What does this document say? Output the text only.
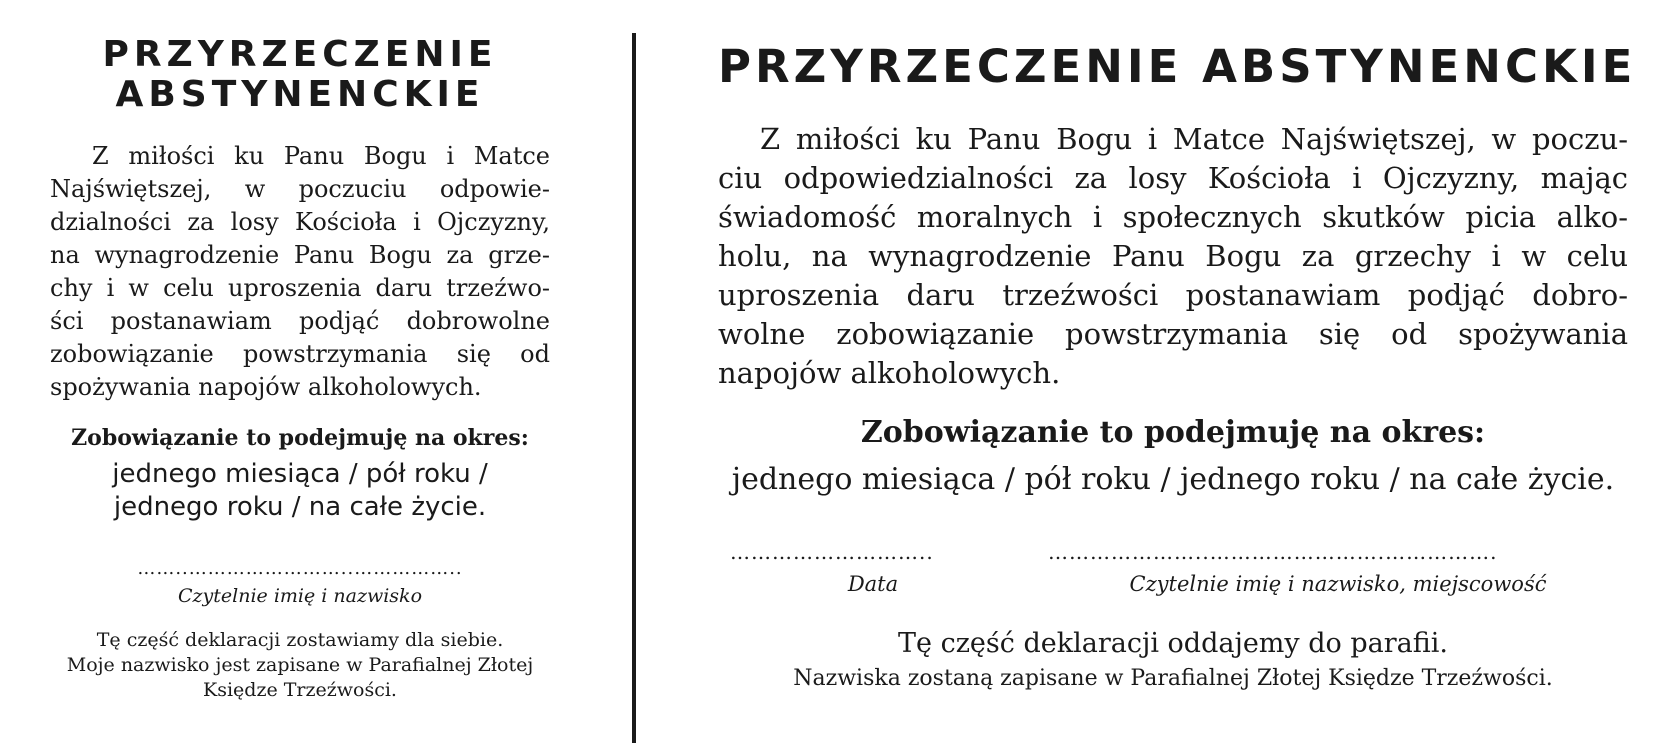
PRZYRZECZENIE
ABSTYNENCKIE

Z miłości ku Panu Bogu i Matce
Najświętszej, w poczuciu odpowie-
dzialności za losy Kościoła i Ojczyzny,
na wynagrodzenie Panu Bogu za grze-
chy i w celu uproszenia daru trzeźwo-
ści postanawiam podjąć dobrowolne
zobowiązanie powstrzymania się od
spożywania napojów alkoholowych.

Zobowiązanie to podejmuję na okres:

jednego miesiąca / pół roku /
jednego roku / na całe życie.

……..……………………..……………..
Czytelnie imię i nazwisko

Tę część deklaracji zostawiamy dla siebie.
Moje nazwisko jest zapisane w Parafialnej Złotej
Księdze Trzeźwości.

PRZYRZECZENIE ABSTYNENCKIE

Z miłości ku Panu Bogu i Matce Najświętszej, w poczu-
ciu odpowiedzialności za losy Kościoła i Ojczyzny, mając
świadomość moralnych i społecznych skutków picia alko-
holu, na wynagrodzenie Panu Bogu za grzechy i w celu
uproszenia daru trzeźwości postanawiam podjąć dobro-
wolne zobowiązanie powstrzymania się od spożywania
napojów alkoholowych.

Zobowiązanie to podejmuję na okres:

jednego miesiąca / pół roku / jednego roku / na całe życie.

………………………..	…………………..…………………….…………….
Data	Czytelnie imię i nazwisko, miejscowość

Tę część deklaracji oddajemy do parafii.

Nazwiska zostaną zapisane w Parafialnej Złotej Księdze Trzeźwości.
